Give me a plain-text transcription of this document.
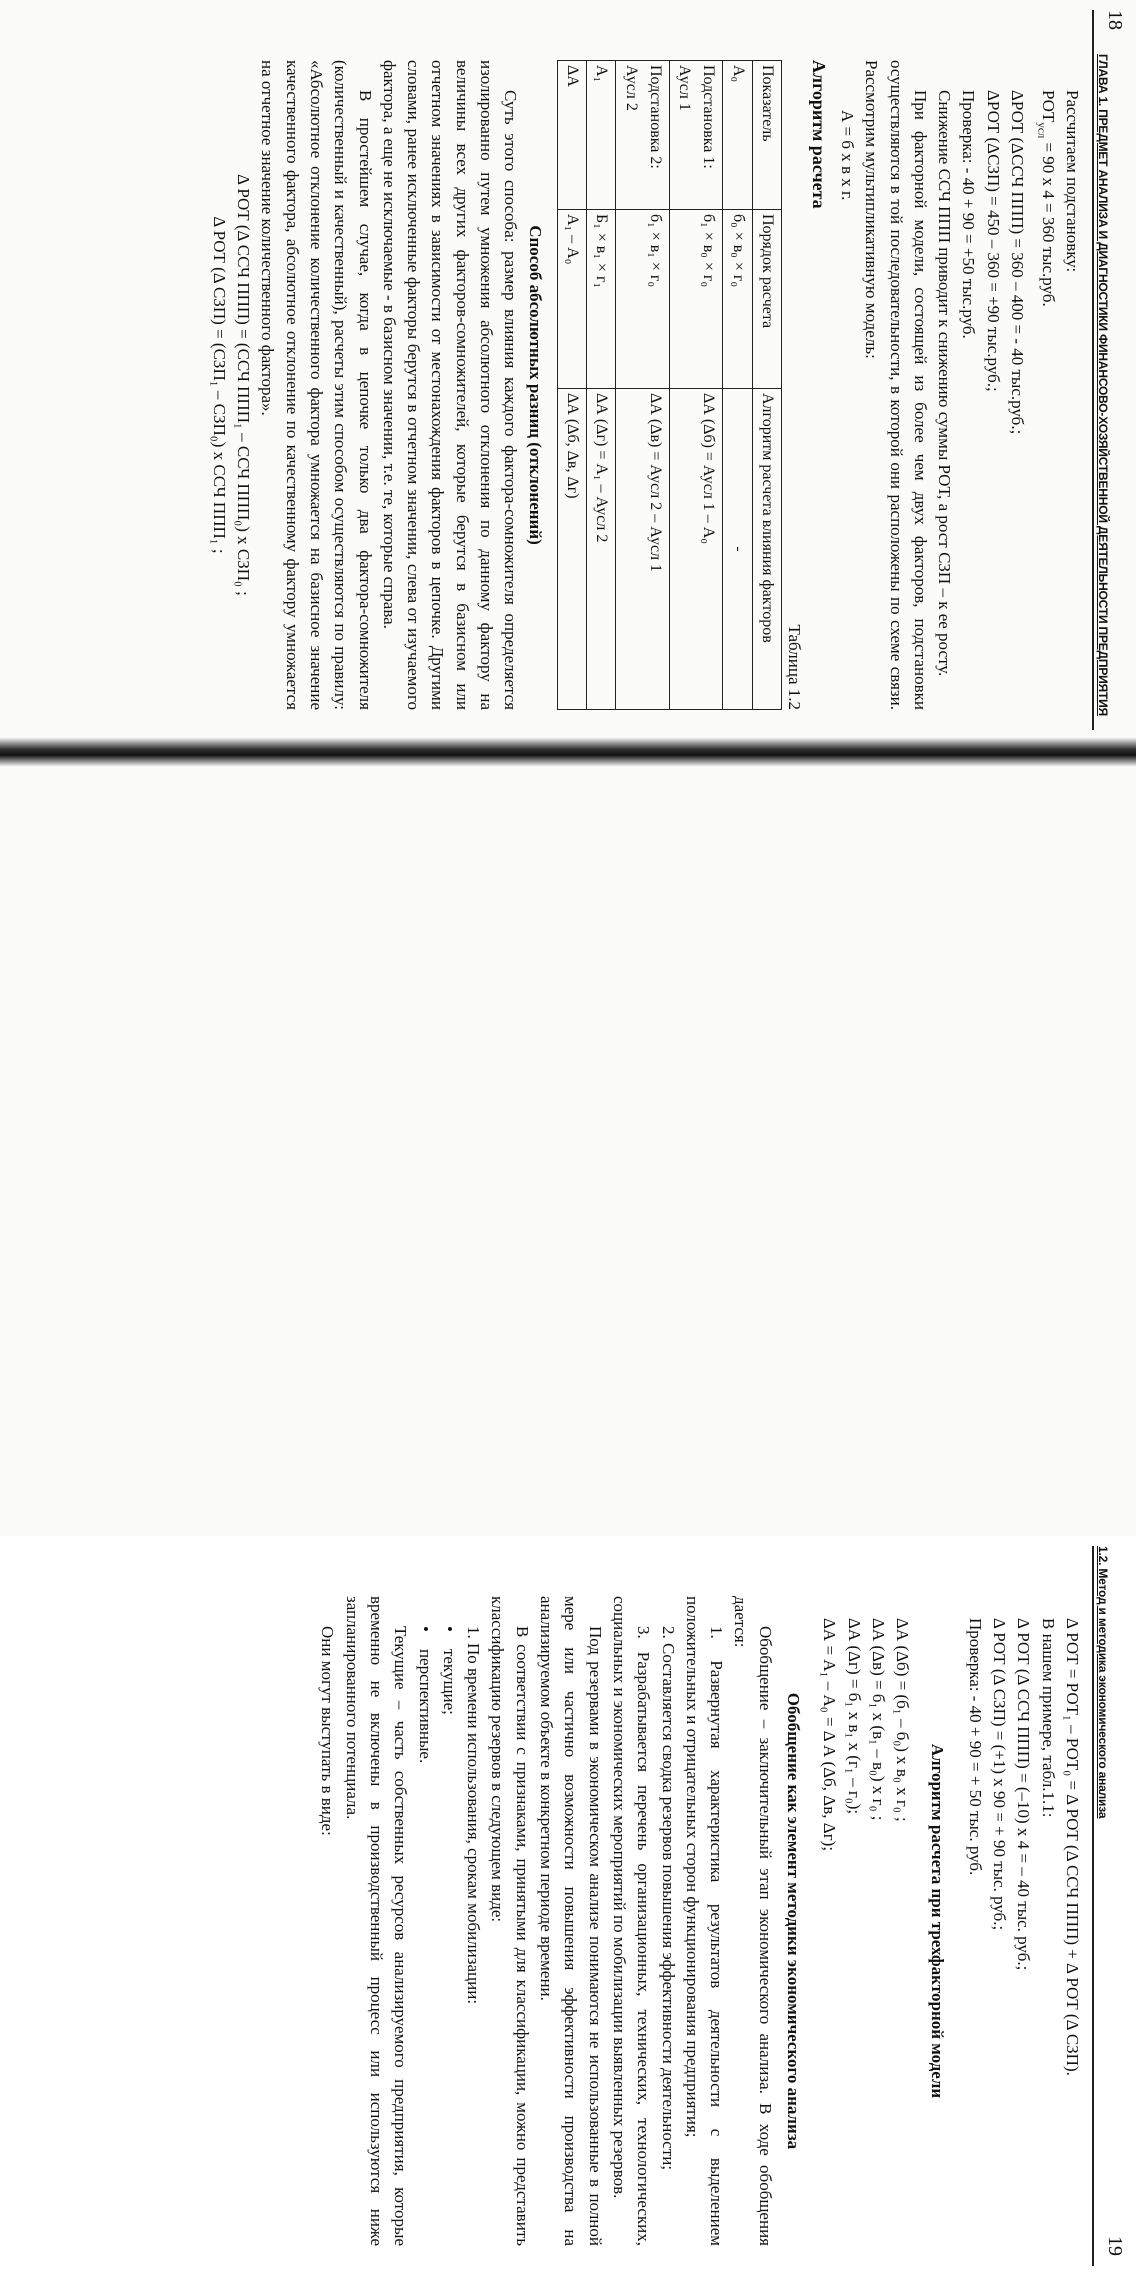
18
ГЛАВА 1. ПРЕДМЕТ АНАЛИЗА И ДИАГНОСТИКИ ФИНАНСОВО-ХОЗЯЙСТВЕННОЙ ДЕЯТЕЛЬНОСТИ ПРЕДПРИЯТИЯ

Рассчитаем подстановку:

$РОТ_{усл} = 90$ х 4 = 360 тыс.руб.

ΔРОТ (ΔССЧ ППП) = 360 – 400 = - 40 тыс.руб.;

ΔРОТ (ΔСЗП) = 450 – 360 = +90 тыс.руб.;

Проверка: - 40 + 90 = +50 тыс.руб.

Снижение ССЧ ППП приводит к снижению суммы РОТ, а рост СЗП – к ее росту.

При факторной модели, состоящей из более чем двух факторов, подстановки осуществляются в той последовательности, в которой они расположены по схеме связи. Рассмотрим мультипликативную модель:

А = б х в х г.

Алгоритм расчета

Таблица 1.2

Показатель	Порядок расчета	Алгоритм расчета влияния факторов
А₀	б₀ × в₀ × г₀	-
Подстановка 1: Аусл 1	б₁ × в₀ × г₀	ΔА (Δб) = Аусл 1 – А₀
Подстановка 2: Аусл 2	б₁ × в₁ × г₀	ΔА (Δв) = Аусл 2 – Аусл 1
А₁	Б₁ × в₁ × г₁	ΔА (Δг) = А₁ – Аусл 2
ΔА	А₁ – А₀	ΔА (Δб, Δв, Δг)

Способ абсолютных разниц (отклонений)

Суть этого способа: размер влияния каждого фактора-сомножителя определяется изолированно путем умножения абсолютного отклонения по данному фактору на величины всех других факторов-сомножителей, которые берутся в базисном или отчетном значениях в зависимости от местонахождения факторов в цепочке. Другими словами, ранее исключенные факторы берутся в отчетном значении, слева от изучаемого фактора, а еще не исключаемые - в базисном значении, т.е. те, которые справа.

В простейшем случае, когда в цепочке только два фактора-сомножителя (количественный и качественный), расчеты этим способом осуществляются по правилу: «Абсолютное отклонение количественного фактора умножается на базисное значение качественного фактора, абсолютное отклонение по качественному фактору умножается на отчетное значение количественного фактора».

Δ РОТ (Δ ССЧ ППП) = (ССЧ ППП₁ – ССЧ ППП₀) х СЗП₀ ;

Δ РОТ (Δ СЗП) = (СЗП₁ – СЗП₀) х ССЧ ППП₁ ;

1.2. Метод и методика экономического анализа
19

Δ РОТ = РОТ₁ – РОТ₀ = Δ РОТ (Δ ССЧ ППП) + Δ РОТ (Δ СЗП).

В нашем примере, табл.1.1:

Δ РОТ (Δ ССЧ ППП) = (–10) х 4 = – 40 тыс. руб.;

Δ РОТ (Δ СЗП) = (+1) х 90 = + 90 тыс. руб.;

Проверка: - 40 + 90 = + 50 тыс. руб.

Алгоритм расчета при трехфакторной модели

ΔА (Δб) = (б₁ – б₀) х в₀ х г₀ ;

ΔА (Δв) = б₁ х (в₁ – в₀) х г₀ ;

ΔА (Δг) = б₁ х в₁ х (г₁ – г₀);

ΔА = А₁ – А₀ = Δ А (Δб, Δв, Δг);

Обобщение как элемент методики экономического анализа

Обобщение – заключительный этап экономического анализа. В ходе обобщения дается:

1. Развернутая характеристика результатов деятельности с выделением положительных и отрицательных сторон функционирования предприятия;

2. Составляется сводка резервов повышения эффективности деятельности;

3. Разрабатывается перечень организационных, технических, технологических, социальных и экономических мероприятий по мобилизации выявленных резервов.

Под резервами в экономическом анализе понимаются не использованные в полной мере или частично возможности повышения эффективности производства на анализируемом объекте в конкретном периоде времени.

В соответствии с признаками, принятыми для классификации, можно представить классификацию резервов в следующем виде:

1. По времени использования, срокам мобилизации:

•    текущие;

•    перспективные.

Текущие – часть собственных ресурсов анализируемого предприятия, которые временно не включены в производственный процесс или используются ниже запланированного потенциала.

Они могут выступать в виде:
